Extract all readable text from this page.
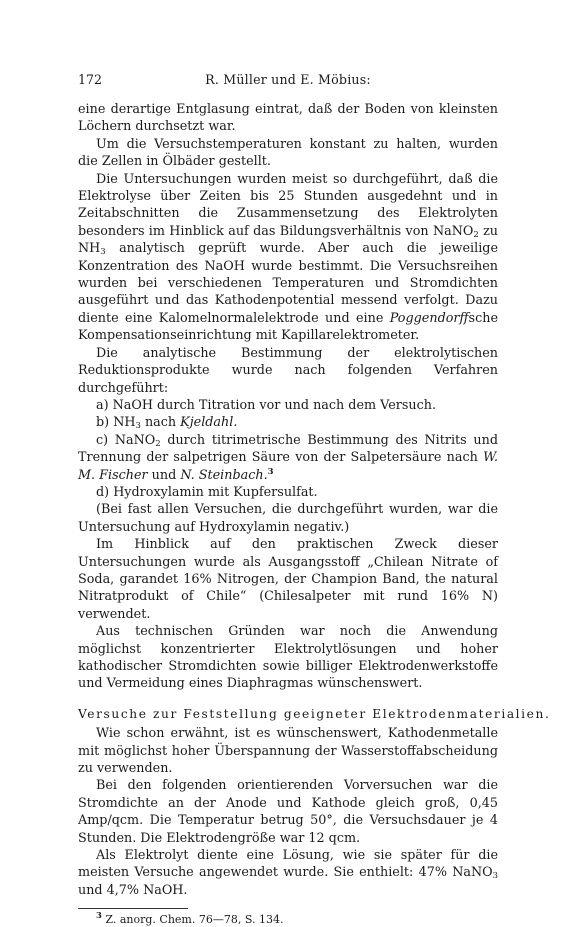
172	R. Müller und E. Möbius:

eine derartige Entglasung eintrat, daß der Boden von kleinsten Löchern durchsetzt war.

Um die Versuchstemperaturen konstant zu halten, wurden die Zellen in Ölbäder gestellt.

Die Untersuchungen wurden meist so durchgeführt, daß die Elektrolyse über Zeiten bis 25 Stunden ausgedehnt und in Zeitabschnitten die Zusammensetzung des Elektrolyten besonders im Hinblick auf das Bildungsverhältnis von NaNO$_2$ zu $NH_3$ analytisch geprüft wurde. Aber auch die jeweilige Konzentration des NaOH wurde bestimmt. Die Versuchsreihen wurden bei verschiedenen Temperaturen und Stromdichten ausgeführt und das Kathodenpotential messend verfolgt. Dazu diente eine Kalomelnormalelektrode und eine Poggendorffsche Kompensationseinrichtung mit Kapillarelektrometer.

Die analytische Bestimmung der elektrolytischen Reduktionsprodukte wurde nach folgenden Verfahren durchgeführt:

a) NaOH durch Titration vor und nach dem Versuch.

b) $NH_3$ nach Kjeldahl.

c) NaNO$_2$ durch titrimetrische Bestimmung des Nitrits und Trennung der salpetrigen Säure von der Salpetersäure nach W. M. Fischer und N. Steinbach.$^3$

d) Hydroxylamin mit Kupfersulfat.

(Bei fast allen Versuchen, die durchgeführt wurden, war die Untersuchung auf Hydroxylamin negativ.)

Im Hinblick auf den praktischen Zweck dieser Untersuchungen wurde als Ausgangsstoff „Chilean Nitrate of Soda, garandet 16% Nitrogen, der Champion Band, the natural Nitratprodukt of Chile“ (Chilesalpeter mit rund 16% N) verwendet.

Aus technischen Gründen war noch die Anwendung möglichst konzentrierter Elektrolytlösungen und hoher kathodischer Stromdichten sowie billiger Elektrodenwerkstoffe und Vermeidung eines Diaphragmas wünschenswert.

Versuche zur Feststellung geeigneter Elektrodenmaterialien.

Wie schon erwähnt, ist es wünschenswert, Kathodenmetalle mit möglichst hoher Überspannung der Wasserstoffabscheidung zu verwenden.

Bei den folgenden orientierenden Vorversuchen war die Stromdichte an der Anode und Kathode gleich groß, 0,45 Amp/qcm. Die Temperatur betrug 50°, die Versuchsdauer je 4 Stunden. Die Elektrodengröße war 12 qcm.

Als Elektrolyt diente eine Lösung, wie sie später für die meisten Versuche angewendet wurde. Sie enthielt: 47% NaNO$_3$ und 4,7% NaOH.

$^3$ Z. anorg. Chem. 76—78, S. 134.
